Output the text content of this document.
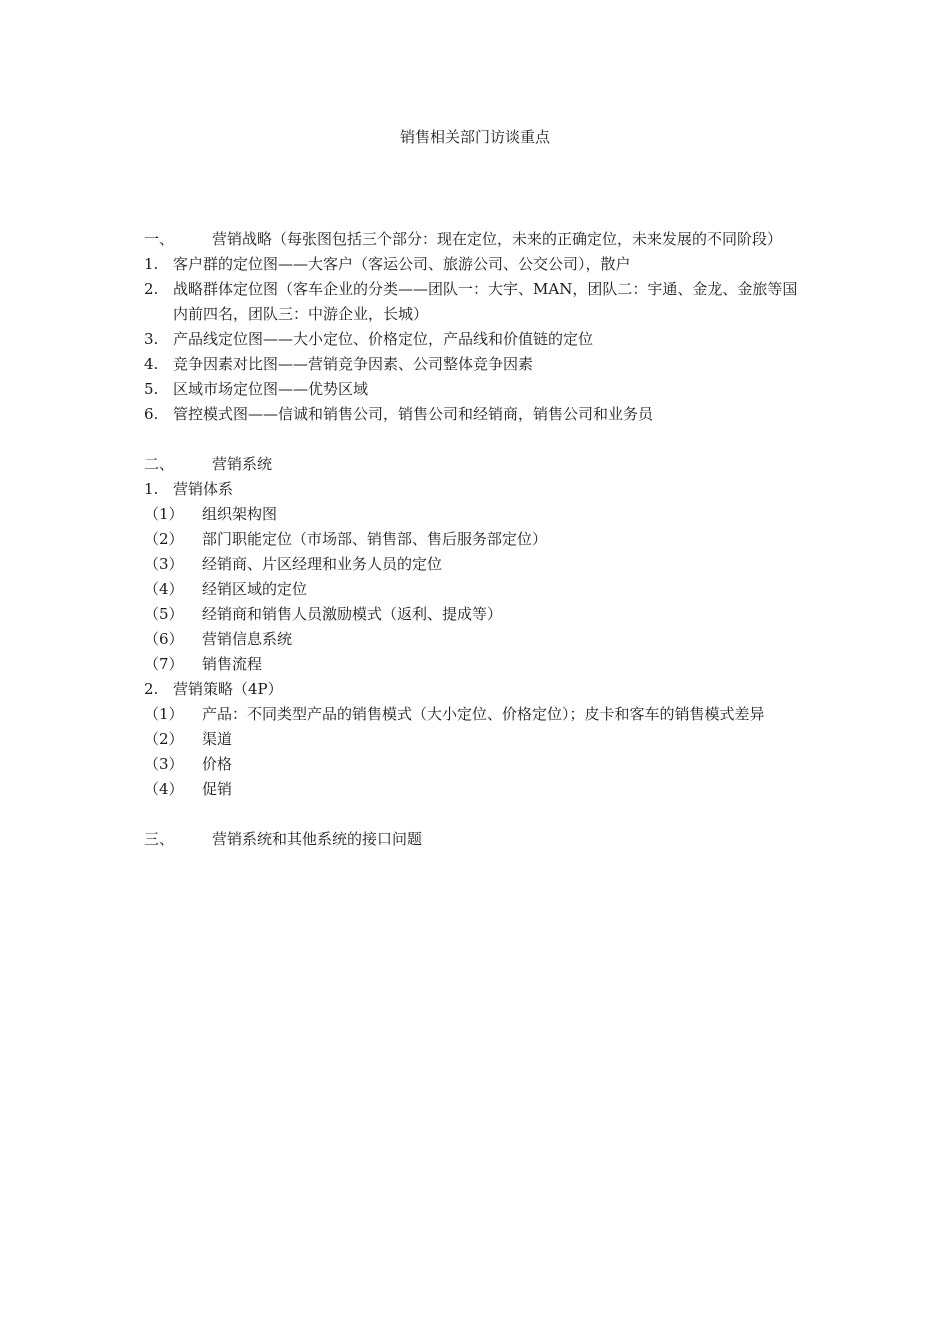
销售相关部门访谈重点
一、	营销战略（每张图包括三个部分：现在定位，未来的正确定位，未来发展的不同阶段）
1. 客户群的定位图——大客户（客运公司、旅游公司、公交公司），散户
2. 战略群体定位图（客车企业的分类——团队一：大宇、MAN，团队二：宇通、金龙、金旅等国内前四名，团队三：中游企业，长城）
3. 产品线定位图——大小定位、价格定位，产品线和价值链的定位
4. 竞争因素对比图——营销竞争因素、公司整体竞争因素
5. 区域市场定位图——优势区域
6. 管控模式图——信诚和销售公司，销售公司和经销商，销售公司和业务员
二、	营销系统
1. 营销体系
（1）	组织架构图
（2）	部门职能定位（市场部、销售部、售后服务部定位）
（3）	经销商、片区经理和业务人员的定位
（4）	经销区域的定位
（5）	经销商和销售人员激励模式（返利、提成等）
（6）	营销信息系统
（7）	销售流程
2. 营销策略（4P）
（1）	产品：不同类型产品的销售模式（大小定位、价格定位）；皮卡和客车的销售模式差异
（2）	渠道
（3）	价格
（4）	促销
三、	营销系统和其他系统的接口问题
